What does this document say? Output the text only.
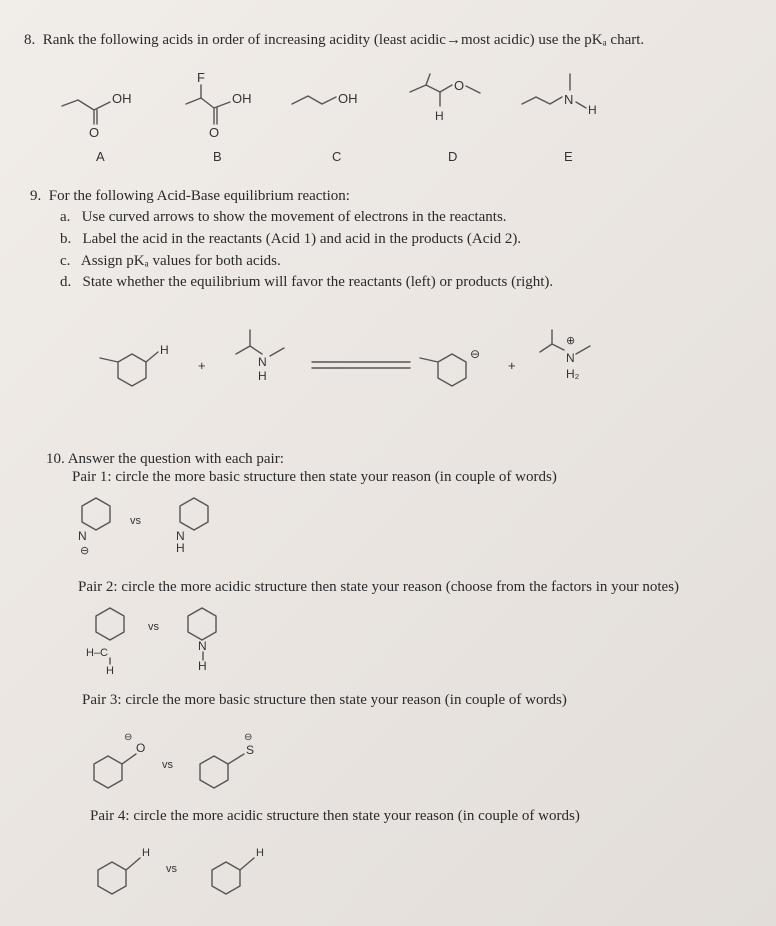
8. Rank the following acids in order of increasing acidity (least acidic→most acidic) use the pKₐ chart.
OH
O
A
F
OH
O
B
OH
C
O
H
D
N
H
E
9. For the following Acid-Base equilibrium reaction:
a. Use curved arrows to show the movement of electrons in the reactants.
b. Label the acid in the reactants (Acid 1) and acid in the products (Acid 2).
c. Assign pKₐ values for both acids.
d. State whether the equilibrium will favor the reactants (left) or products (right).
H
+	N
H
⊖
+
⊕
N
H₂
10. Answer the question with each pair:
Pair 1: circle the more basic structure then state your reason (in couple of words)
N
⊖
vs
N
H
Pair 2: circle the more acidic structure then state your reason (choose from the factors in your notes)
H–C
H
vs
N
H
Pair 3: circle the more basic structure then state your reason (in couple of words)
⊖
O
vs
⊖
S
Pair 4: circle the more acidic structure then state your reason (in couple of words)
H
vs
H
